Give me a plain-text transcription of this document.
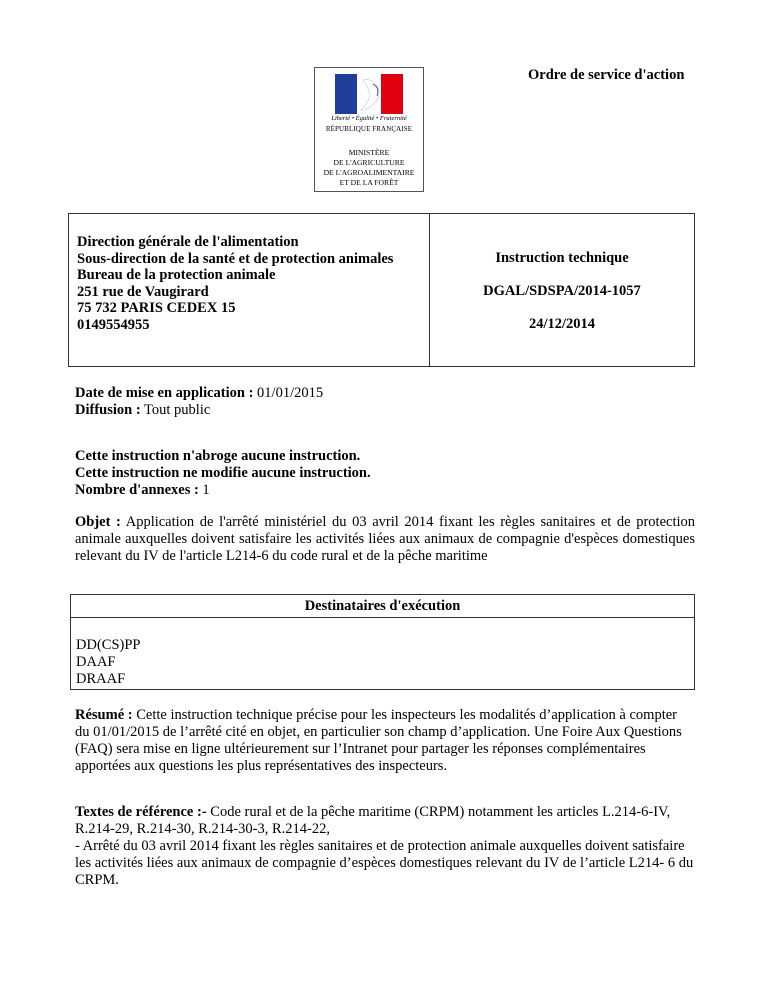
Liberté • Égalité • Fraternité
RÉPUBLIQUE FRANÇAISE
MINISTÈRE
DE L'AGRICULTURE
DE L'AGROALIMENTAIRE
ET DE LA FORÊT
Ordre de service d'action
Direction générale de l'alimentation
Sous-direction de la santé et de protection animales
Bureau de la protection animale
251 rue de Vaugirard
75 732 PARIS CEDEX 15
0149554955
Instruction technique
DGAL/SDSPA/2014-1057
24/12/2014
Date de mise en application : 01/01/2015
Diffusion : Tout public
Cette instruction n'abroge aucune instruction.
Cette instruction ne modifie aucune instruction.
Nombre d'annexes : 1
Objet : Application de l'arrêté ministériel du 03 avril 2014 fixant les règles sanitaires et de protection animale auxquelles doivent satisfaire les activités liées aux animaux de compagnie d'espèces domestiques relevant du IV de l'article L214-6 du code rural et de la pêche maritime
Destinataires d'exécution
DD(CS)PP
DAAF
DRAAF
Résumé : Cette instruction technique précise pour les inspecteurs les modalités d’application à compter du 01/01/2015 de l’arrêté cité en objet, en particulier son champ d’application. Une Foire Aux Questions (FAQ) sera mise en ligne ultérieurement sur l’Intranet pour partager les réponses complémentaires apportées aux questions les plus représentatives des inspecteurs.
Textes de référence :- Code rural et de la pêche maritime (CRPM) notamment les articles L.214-6-IV, R.214-29, R.214-30, R.214-30-3, R.214-22,
- Arrêté du 03 avril 2014 fixant les règles sanitaires et de protection animale auxquelles doivent satisfaire les activités liées aux animaux de compagnie d’espèces domestiques relevant du IV de l’article L214- 6 du CRPM.
